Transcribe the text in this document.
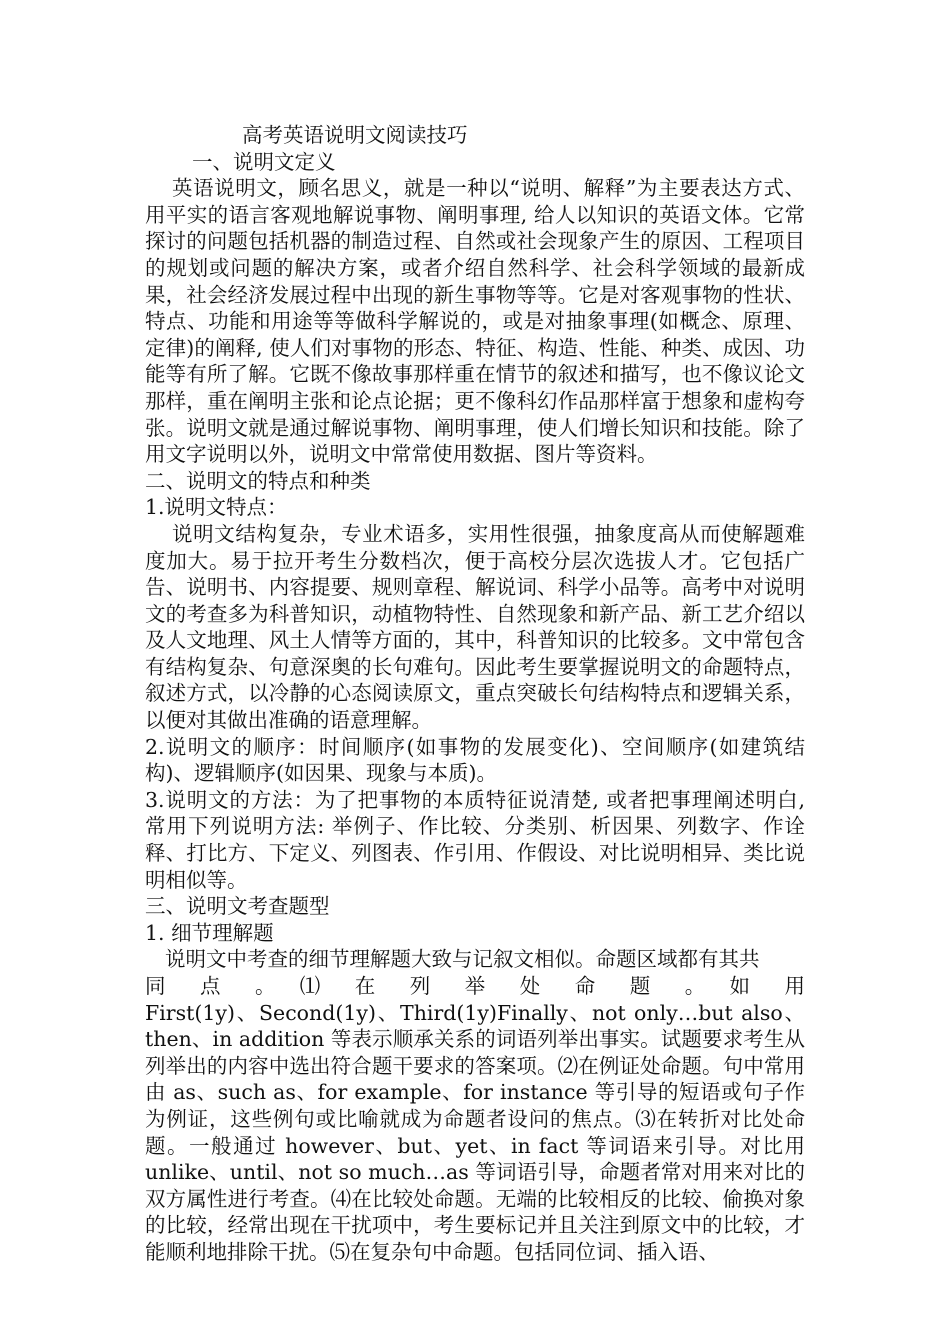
高考英语说明文阅读技巧

一、说明文定义

英语说明文，顾名思义，就是一种以“说明、解释”为主要表达方式、用平实的语言客观地解说事物、阐明事理, 给人以知识的英语文体。它常探讨的问题包括机器的制造过程、自然或社会现象产生的原因、工程项目的规划或问题的解决方案，或者介绍自然科学、社会科学领域的最新成果，社会经济发展过程中出现的新生事物等等。它是对客观事物的性状、特点、功能和用途等等做科学解说的，或是对抽象事理(如概念、原理、定律)的阐释, 使人们对事物的形态、特征、构造、性能、种类、成因、功能等有所了解。它既不像故事那样重在情节的叙述和描写，也不像议论文那样，重在阐明主张和论点论据；更不像科幻作品那样富于想象和虚构夸张。说明文就是通过解说事物、阐明事理，使人们增长知识和技能。除了用文字说明以外，说明文中常常使用数据、图片等资料。

二、说明文的特点和种类

1.说明文特点：

说明文结构复杂，专业术语多，实用性很强，抽象度高从而使解题难度加大。易于拉开考生分数档次，便于高校分层次选拔人才。它包括广告、说明书、内容提要、规则章程、解说词、科学小品等。高考中对说明文的考查多为科普知识，动植物特性、自然现象和新产品、新工艺介绍以及人文地理、风土人情等方面的，其中，科普知识的比较多。文中常包含有结构复杂、句意深奥的长句难句。因此考生要掌握说明文的命题特点，叙述方式，以冷静的心态阅读原文，重点突破长句结构特点和逻辑关系，以便对其做出准确的语意理解。

2.说明文的顺序：时间顺序(如事物的发展变化)、空间顺序(如建筑结构)、逻辑顺序(如因果、现象与本质)。

3.说明文的方法：为了把事物的本质特征说清楚, 或者把事理阐述明白, 常用下列说明方法: 举例子、作比较、分类别、析因果、列数字、作诠释、打比方、下定义、列图表、作引用、作假设、对比说明相异、类比说明相似等。

三、说明文考查题型

1. 细节理解题

说明文中考查的细节理解题大致与记叙文相似。命题区域都有其共

同　点　。　⑴　在　列　举　处　命　题　。　如　用

First(1y)、Second(1y)、Third(1y)Finally、not only…but also、then、in addition 等表示顺承关系的词语列举出事实。试题要求考生从列举出的内容中选出符合题干要求的答案项。⑵在例证处命题。句中常用由 as、such as、for example、for instance 等引导的短语或句子作为例证，这些例句或比喻就成为命题者设问的焦点。⑶在转折对比处命题。一般通过 however、but、yet、in fact 等词语来引导。对比用 unlike、until、not so much…as 等词语引导，命题者常对用来对比的双方属性进行考查。⑷在比较处命题。无端的比较相反的比较、偷换对象的比较，经常出现在干扰项中，考生要标记并且关注到原文中的比较，才能顺利地排除干扰。⑸在复杂句中命题。包括同位词、插入语、
